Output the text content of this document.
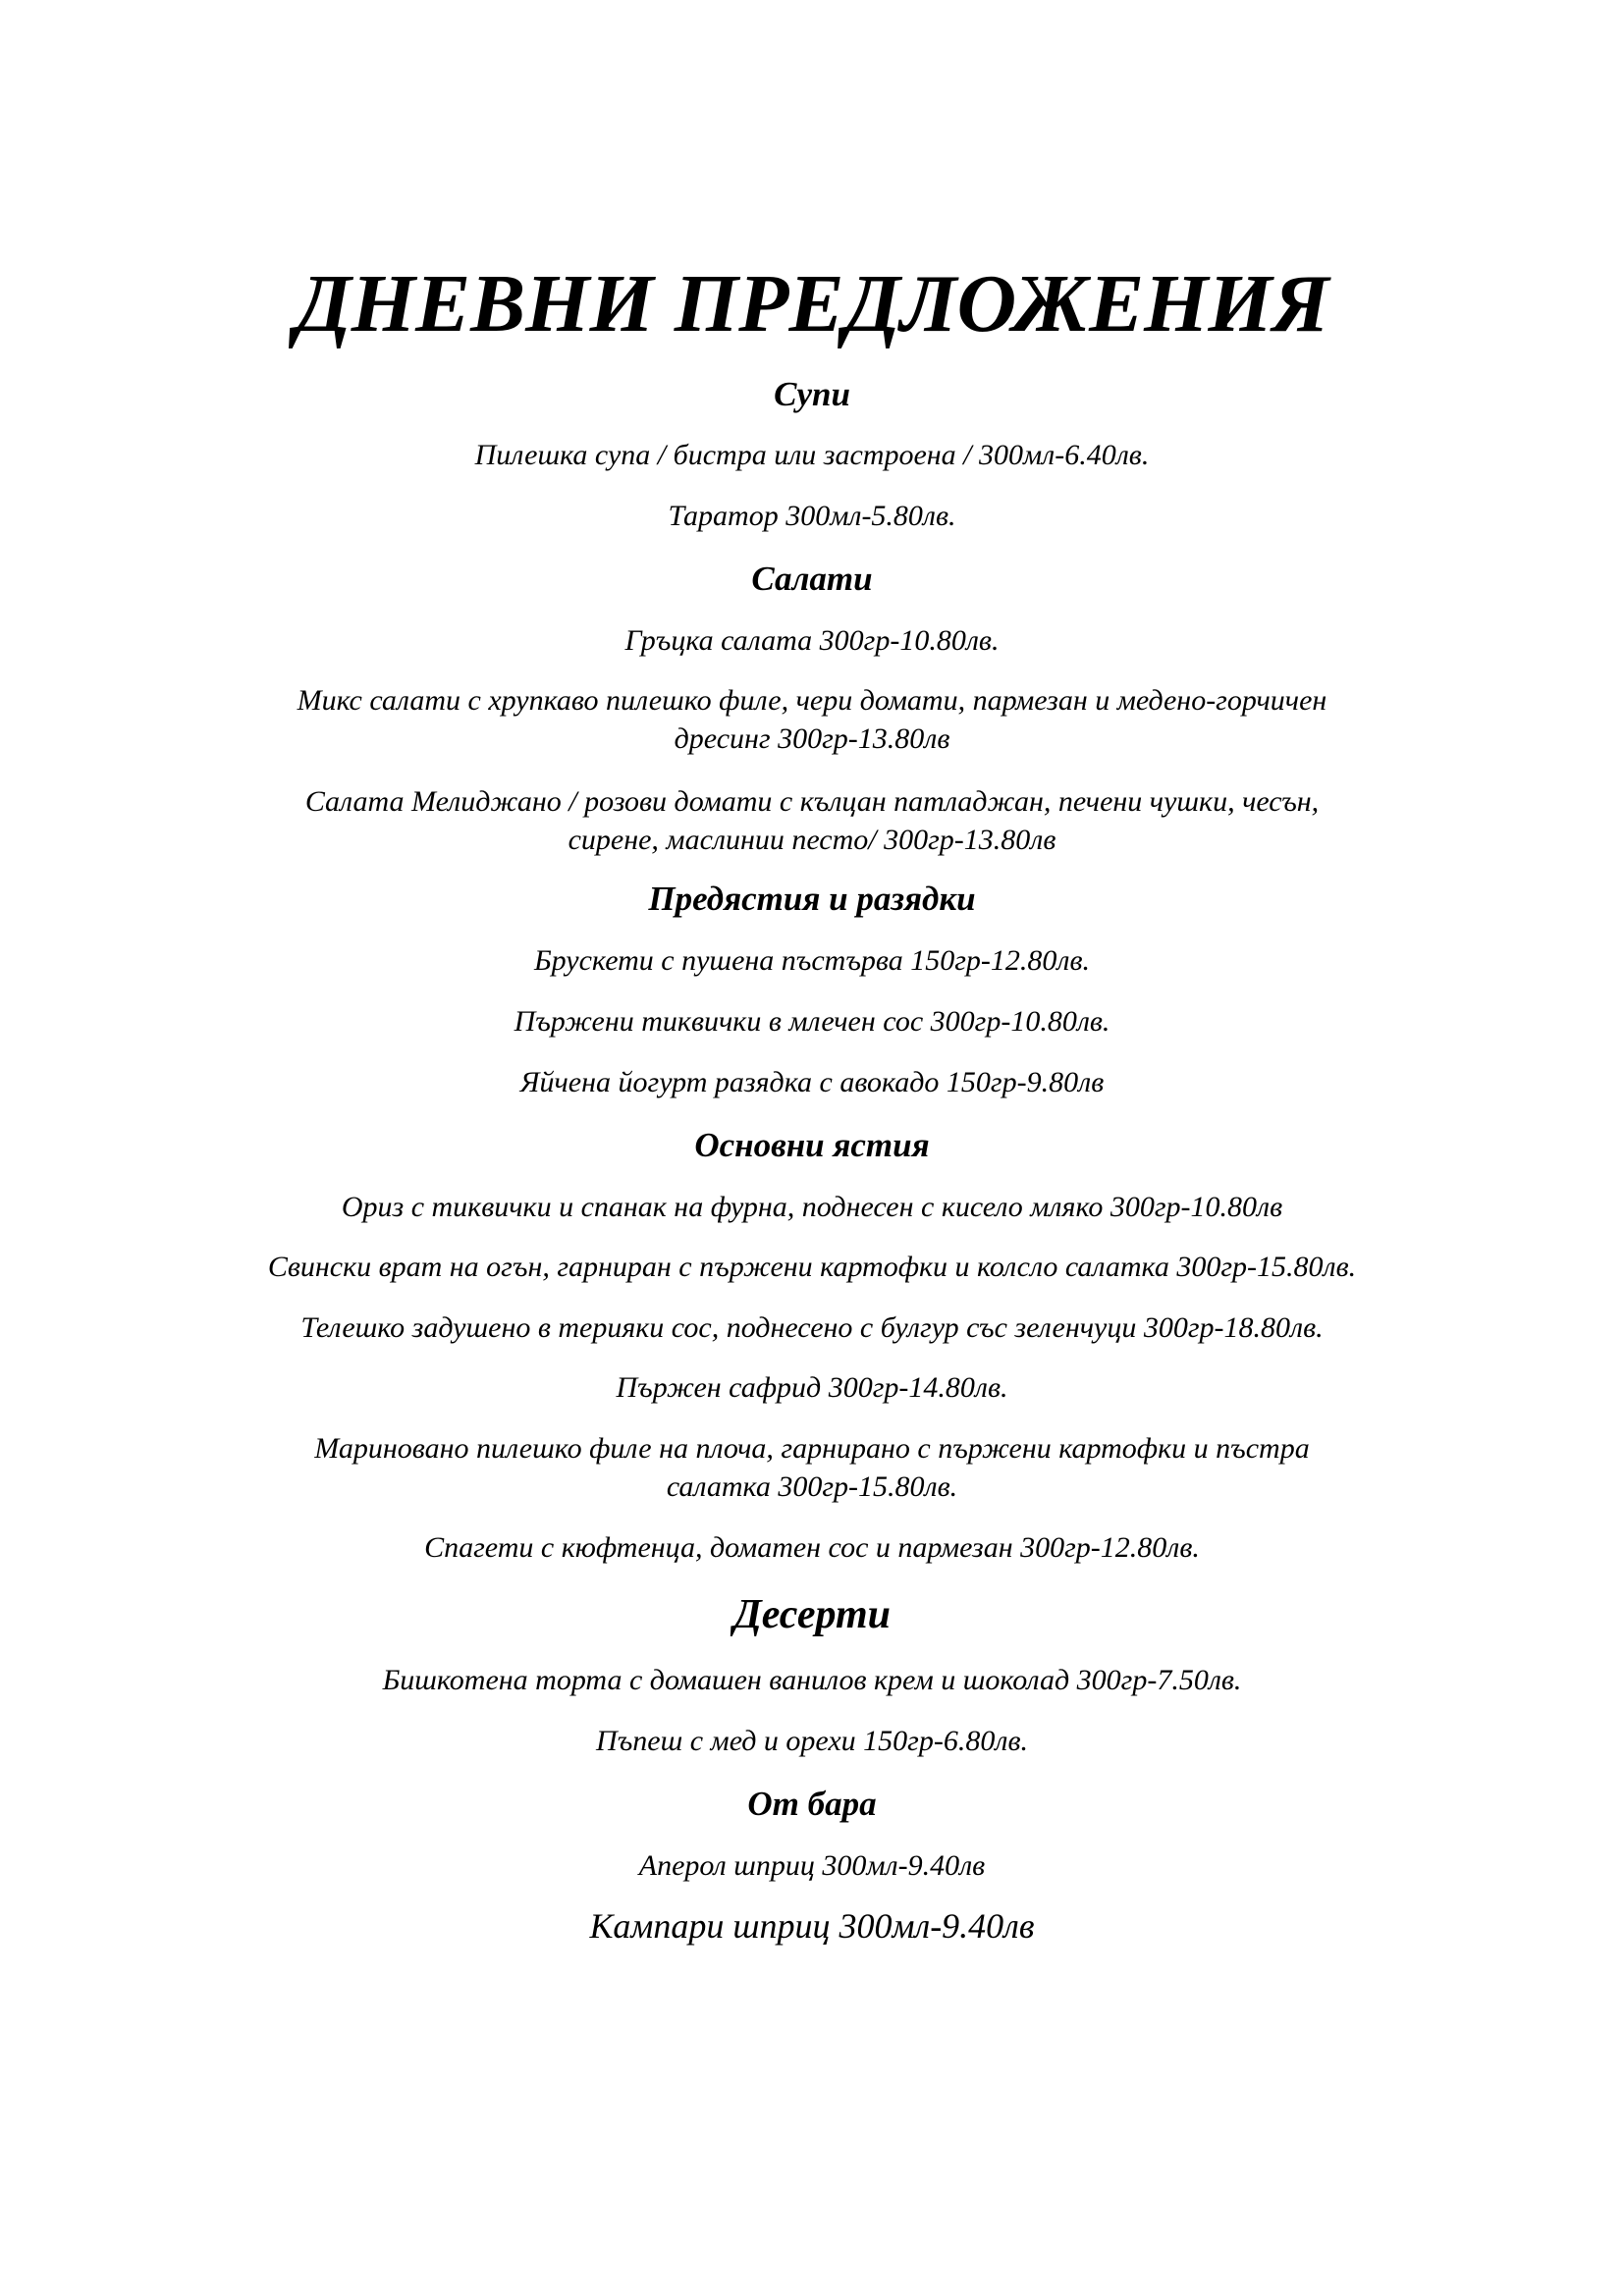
ДНЕВНИ ПРЕДЛОЖЕНИЯ
Супи
Пилешка супа / бистра или застроена / 300мл-6.40лв.
Таратор 300мл-5.80лв.
Салати
Гръцка салата 300гр-10.80лв.
Микс салати с хрупкаво пилешко филе, чери домати, пармезан и медено-горчичен
дресинг 300гр-13.80лв
Салата Мелиджано / розови домати с кълцан патладжан, печени чушки, чесън,
сирене, маслинии песто/ 300гр-13.80лв
Предястия и разядки
Брускети с пушена пъстърва 150гр-12.80лв.
Пържени тиквички в млечен сос 300гр-10.80лв.
Яйчена йогурт разядка с авокадо 150гр-9.80лв
Основни ястия
Ориз с тиквички и спанак на фурна, поднесен с кисело мляко 300гр-10.80лв
Свински врат на огън, гарниран с пържени картофки и колсло салатка 300гр-15.80лв.
Телешко задушено в терияки сос, поднесено с булгур със зеленчуци 300гр-18.80лв.
Пържен сафрид 300гр-14.80лв.
Мариновано пилешко филе на плоча, гарнирано с пържени картофки и пъстра
салатка 300гр-15.80лв.
Спагети с кюфтенца, доматен сос и пармезан 300гр-12.80лв.
Десерти
Бишкотена торта с домашен ванилов крем и шоколад 300гр-7.50лв.
Пъпеш с мед и орехи 150гр-6.80лв.
От бара
Аперол шприц 300мл-9.40лв
Кампари шприц 300мл-9.40лв
